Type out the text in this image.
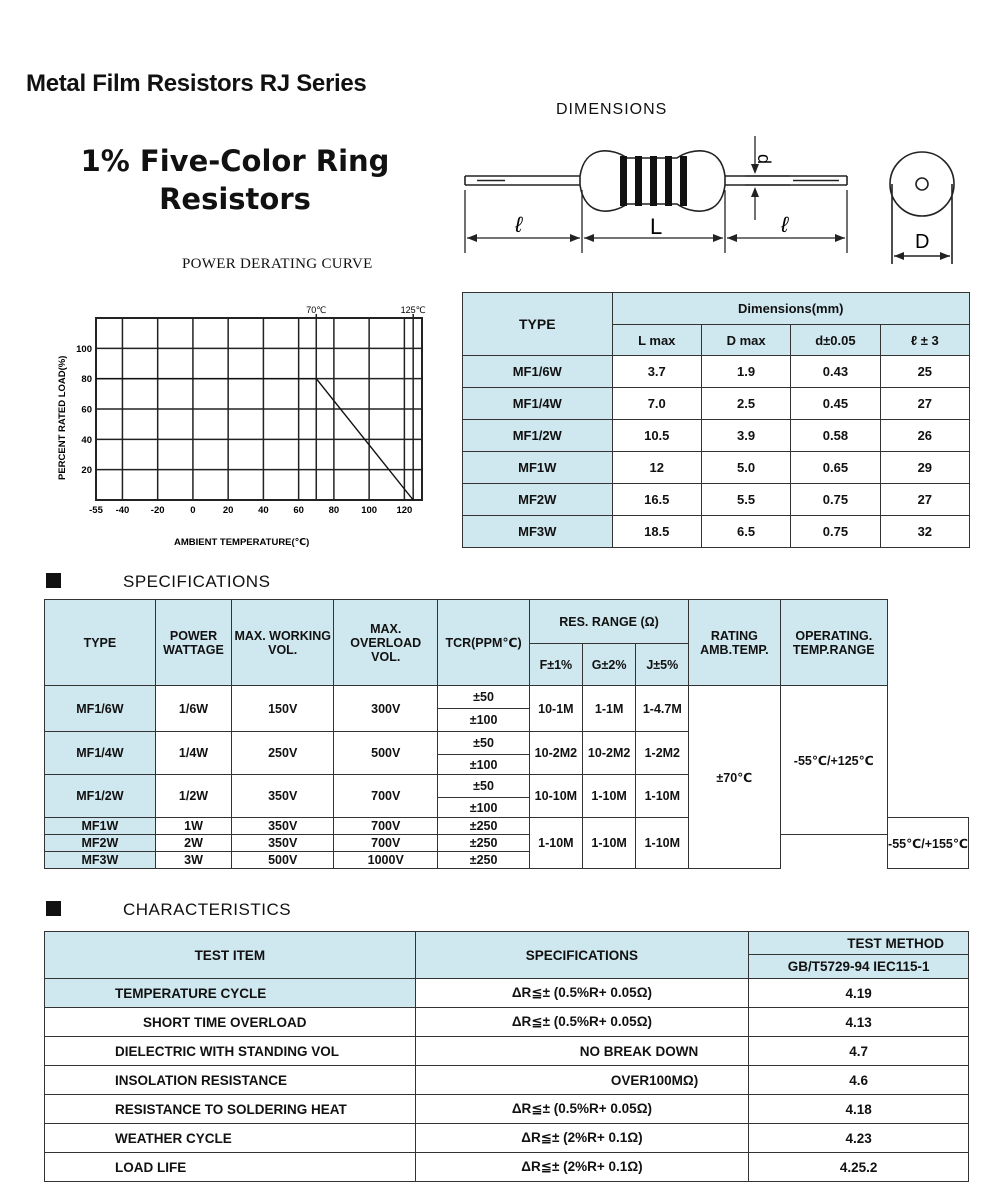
Metal Film Resistors RJ Series
1% Five-Color Ring Resistors
DIMENSIONS
ℓ	L	ℓ
d
D
POWER DERATING CURVE
70℃	125℃
-55 -40 -20	0	20	40	60	80 100 120
20
40
60
80
100
PERCENT RATED LOAD(%)
AMBIENT TEMPERATURE(℃)
TYPE	Dimensions(mm)			
	L max	D max	d±0.05	ℓ ± 3
MF1/6W	3.7	1.9	0.43	25
MF1/4W	7.0	2.5	0.45	27
MF1/2W	10.5	3.9	0.58	26
MF1W	12	5.0	0.65	29
MF2W	16.5	5.5	0.75	27
MF3W	18.5	6.5	0.75	32
SPECIFICATIONS
TYPE	POWER WATTAGE	MAX. WORKING VOL.	MAX. OVERLOAD VOL.	TCR(PPM℃)	RES. RANGE (Ω)			RATING AMB.TEMP.	OPERATING. TEMP.RANGE	
					F±1%	G±2%	J±5%			
MF1/6W	1/6W	150V	300V	±50	10-1M	1-1M	1-4.7M	±70℃	-55℃/+125℃	
				±100						
MF1/4W	1/4W	250V	500V	±50	10-2M2	10-2M2	1-2M2			
				±100						
MF1/2W	1/2W	350V	700V	±50	10-10M	1-10M	1-10M			
				±100						
MF1W	1W	350V	700V	±250	1-10M	1-10M	1-10M			-55℃/+155℃
MF2W	2W	350V	700V	±250						
MF3W	3W	500V	1000V	±250						
CHARACTERISTICS
TEST ITEM	SPECIFICATIONS	TEST METHOD
		GB/T5729-94 IEC115-1
TEMPERATURE CYCLE	ΔR≦± (0.5%R+ 0.05Ω)	4.19
SHORT TIME OVERLOAD	ΔR≦± (0.5%R+ 0.05Ω)	4.13
DIELECTRIC WITH STANDING VOL	NO BREAK DOWN	4.7
INSOLATION RESISTANCE	OVER100MΩ)	4.6
RESISTANCE TO SOLDERING HEAT	ΔR≦± (0.5%R+ 0.05Ω)	4.18
WEATHER CYCLE	ΔR≦± (2%R+ 0.1Ω)	4.23
LOAD LIFE	ΔR≦± (2%R+ 0.1Ω)	4.25.2
